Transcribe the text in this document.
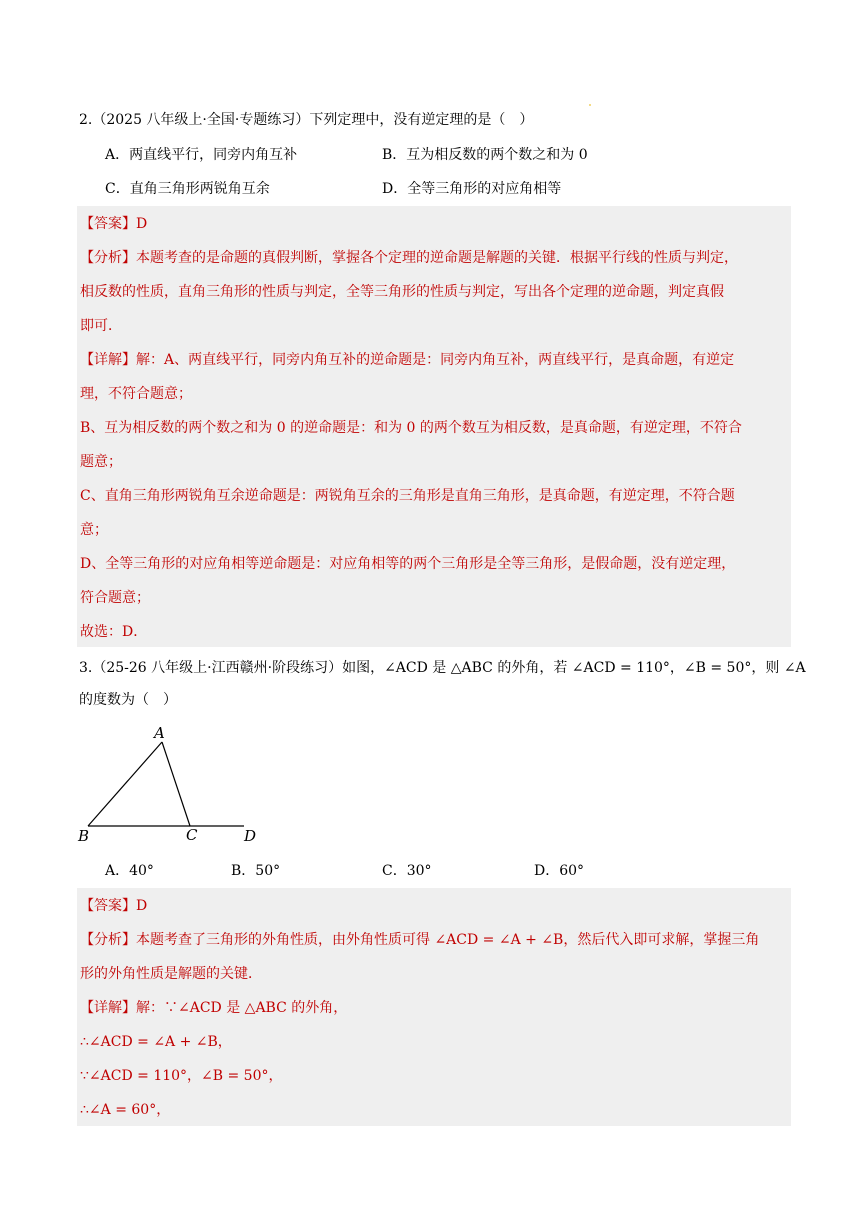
2.（2025 八年级上·全国·专题练习）下列定理中，没有逆定理的是（　）

A．两直线平行，同旁内角互补	B．互为相反数的两个数之和为 0

C．直角三角形两锐角互余	D．全等三角形的对应角相等

【答案】D

【分析】本题考查的是命题的真假判断，掌握各个定理的逆命题是解题的关键．根据平行线的性质与判定，

相反数的性质，直角三角形的性质与判定，全等三角形的性质与判定，写出各个定理的逆命题，判定真假

即可．

【详解】解：A、两直线平行，同旁内角互补的逆命题是：同旁内角互补，两直线平行，是真命题，有逆定

理，不符合题意；

B、互为相反数的两个数之和为 0 的逆命题是：和为 0 的两个数互为相反数，是真命题，有逆定理，不符合

题意；

C、直角三角形两锐角互余逆命题是：两锐角互余的三角形是直角三角形，是真命题，有逆定理，不符合题

意；

D、全等三角形的对应角相等逆命题是：对应角相等的两个三角形是全等三角形，是假命题，没有逆定理，

符合题意；

故选：D．

3.（25-26 八年级上·江西赣州·阶段练习）如图，∠ACD 是 △ABC 的外角，若 ∠ACD = 110°，∠B = 50°，则 ∠A

的度数为（　）

A
B	C	D

A．40°	B．50°	C．30°	D．60°

【答案】D

【分析】本题考查了三角形的外角性质，由外角性质可得 ∠ACD = ∠A + ∠B，然后代入即可求解，掌握三角

形的外角性质是解题的关键．

【详解】解：∵∠ACD 是 △ABC 的外角，

∴∠ACD = ∠A + ∠B，

∵∠ACD = 110°，∠B = 50°，

∴∠A = 60°，
